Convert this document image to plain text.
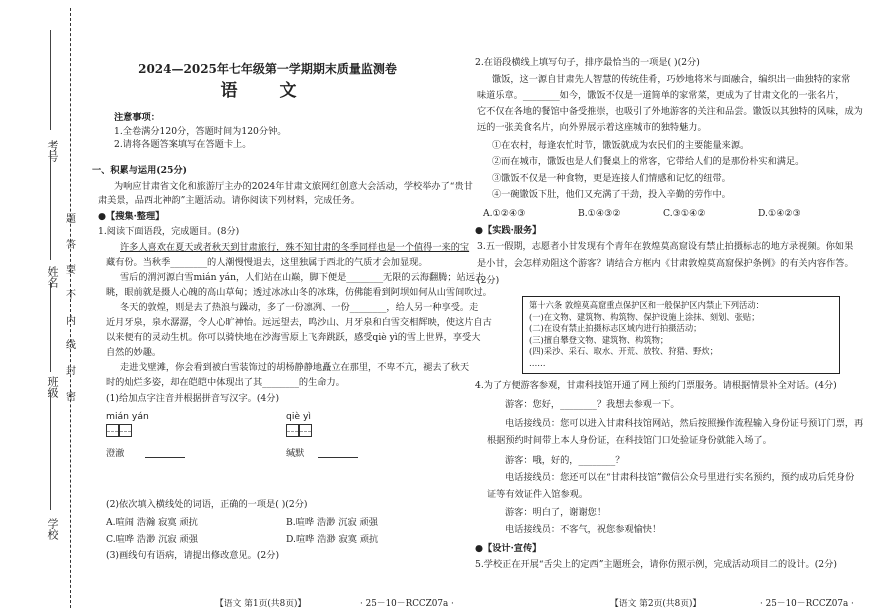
考号
姓名
班级
学校
题
答
要
不
内
线
封
密
2024—2025年七年级第一学期期末质量监测卷
语 文
注意事项：
1.全卷满分120分，答题时间为120分钟。
2.请将各题答案填写在答题卡上。
一、积累与运用(25分)
为响应甘肃省文化和旅游厅主办的2024年甘肃文旅网红创意大会活动，学校举办了“贵甘
肃美景，品西北神韵”主题活动。请你阅读下列材料，完成任务。
●【搜集·整理】
1.阅读下面语段，完成题目。(8分)
许多人喜欢在夏天或者秋天到甘肃旅行，殊不知甘肃的冬季同样也是一个值得一来的宝
藏有份。当秋季________的人潮慢慢退去，这里独属于西北的气质才会加显现。
雪后的渭河源白雪mián yán，人们站在山巅，脚下便是________无限的云海翻腾；站远去
眺，眼前就是摄人心魄的高山草甸；透过冰冰山冬的冰珠，仿佛能看到阿坝如何从山雪间吹过。
冬天的敦煌，则是去了热浪与躁动，多了一份凛冽、一份________，给人另一种享受。走
近月牙泉，泉水潺潺，令人心旷神怡。远远望去，鸣沙山、月牙泉和白雪交相辉映，使这片自古
以来便有的灵动生机。你可以骑快地在沙海雪原上飞奔跳跃，感受qiè yì的雪上世界，享受大
自然的妙趣。
走进戈壁滩，你会看到被白雪装饰过的胡杨静静地矗立在那里，不卑不亢，褪去了秋天
时的灿烂多姿，却在皑皑中体现出了其________的生命力。
(1)给加点字注音并根据拼音写汉字。(4分)
mián yán	qiè yì
澄澈	缄默
(2)依次填入横线处的词语，正确的一项是( )(2分)
A.喧闹 浩瀚 寂寞 顽抗	B.喧哗 浩渺 沉寂 顽强
C.喧哗 浩渺 沉寂 顽强	D.喧哗 浩渺 寂寞 顽抗
(3)画线句有语病，请提出修改意见。(2分)
【语文 第1页(共8页)】	· 25－10－RCCZ07a ·
2.在语段横线上填写句子，排序最恰当的一项是( )(2分)
馓饭，这一源自甘肃先人智慧的传统佳肴，巧妙地将米与面融合，编织出一曲独特的家常
味道乐章。________如今，馓饭不仅是一道简单的家常菜，更成为了甘肃文化的一张名片，
它不仅在各地的餐馆中备受推崇，也吸引了外地游客的关注和品尝。馓饭以其独特的风味，成为
远的一张美食名片，向外界展示着这座城市的独特魅力。
①在农村，每逢农忙时节，馓饭就成为农民们的主要能量来源。
②而在城市，馓饭也是人们餐桌上的常客，它带给人们的是那份朴实和满足。
③馓饭不仅是一种食物，更是连接人们情感和记忆的纽带。
④一碗馓饭下肚，他们又充满了干劲，投入辛勤的劳作中。
A.①②④③	B.①④③②	C.③①④②	D.①④②③
●【实践·服务】
3.五一假期，志愿者小甘发现有个青年在敦煌莫高窟设有禁止拍摄标志的地方录视频。你如果
是小甘，会怎样劝阻这个游客？请结合方框内《甘肃敦煌莫高窟保护条例》的有关内容作答。
(2分)
第十六条 敦煌莫高窟重点保护区和一般保护区内禁止下列活动：
(一)在文物、建筑物、构筑物、保护设施上涂抹、刻划、张贴；
(二)在设有禁止拍摄标志区域内进行拍摄活动；
(三)擅自攀登文物、建筑物、构筑物；
(四)采沙、采石、取水、开荒、放牧、狩猎、野炊；
……
4.为了方便游客参观，甘肃科技馆开通了网上预约门票服务。请根据情景补全对话。(4分)
游客：您好，________？我想去参观一下。
电话接线员：您可以进入甘肃科技馆网站，然后按照操作流程输入身份证号预订门票，再
根据预约时间带上本人身份证，在科技馆门口处验证身份就能入场了。
游客：哦，好的，________？
电话接线员：您还可以在“甘肃科技馆”微信公众号里进行实名预约，预约成功后凭身份
证等有效证件入馆参观。
游客：明白了，谢谢您！
电话接线员：不客气，祝您参观愉快！
●【设计·宣传】
5.学校正在开展“舌尖上的定西”主题班会，请你仿照示例，完成活动项目二的设计。(2分)
【语文 第2页(共8页)】	· 25－10－RCCZ07a ·
